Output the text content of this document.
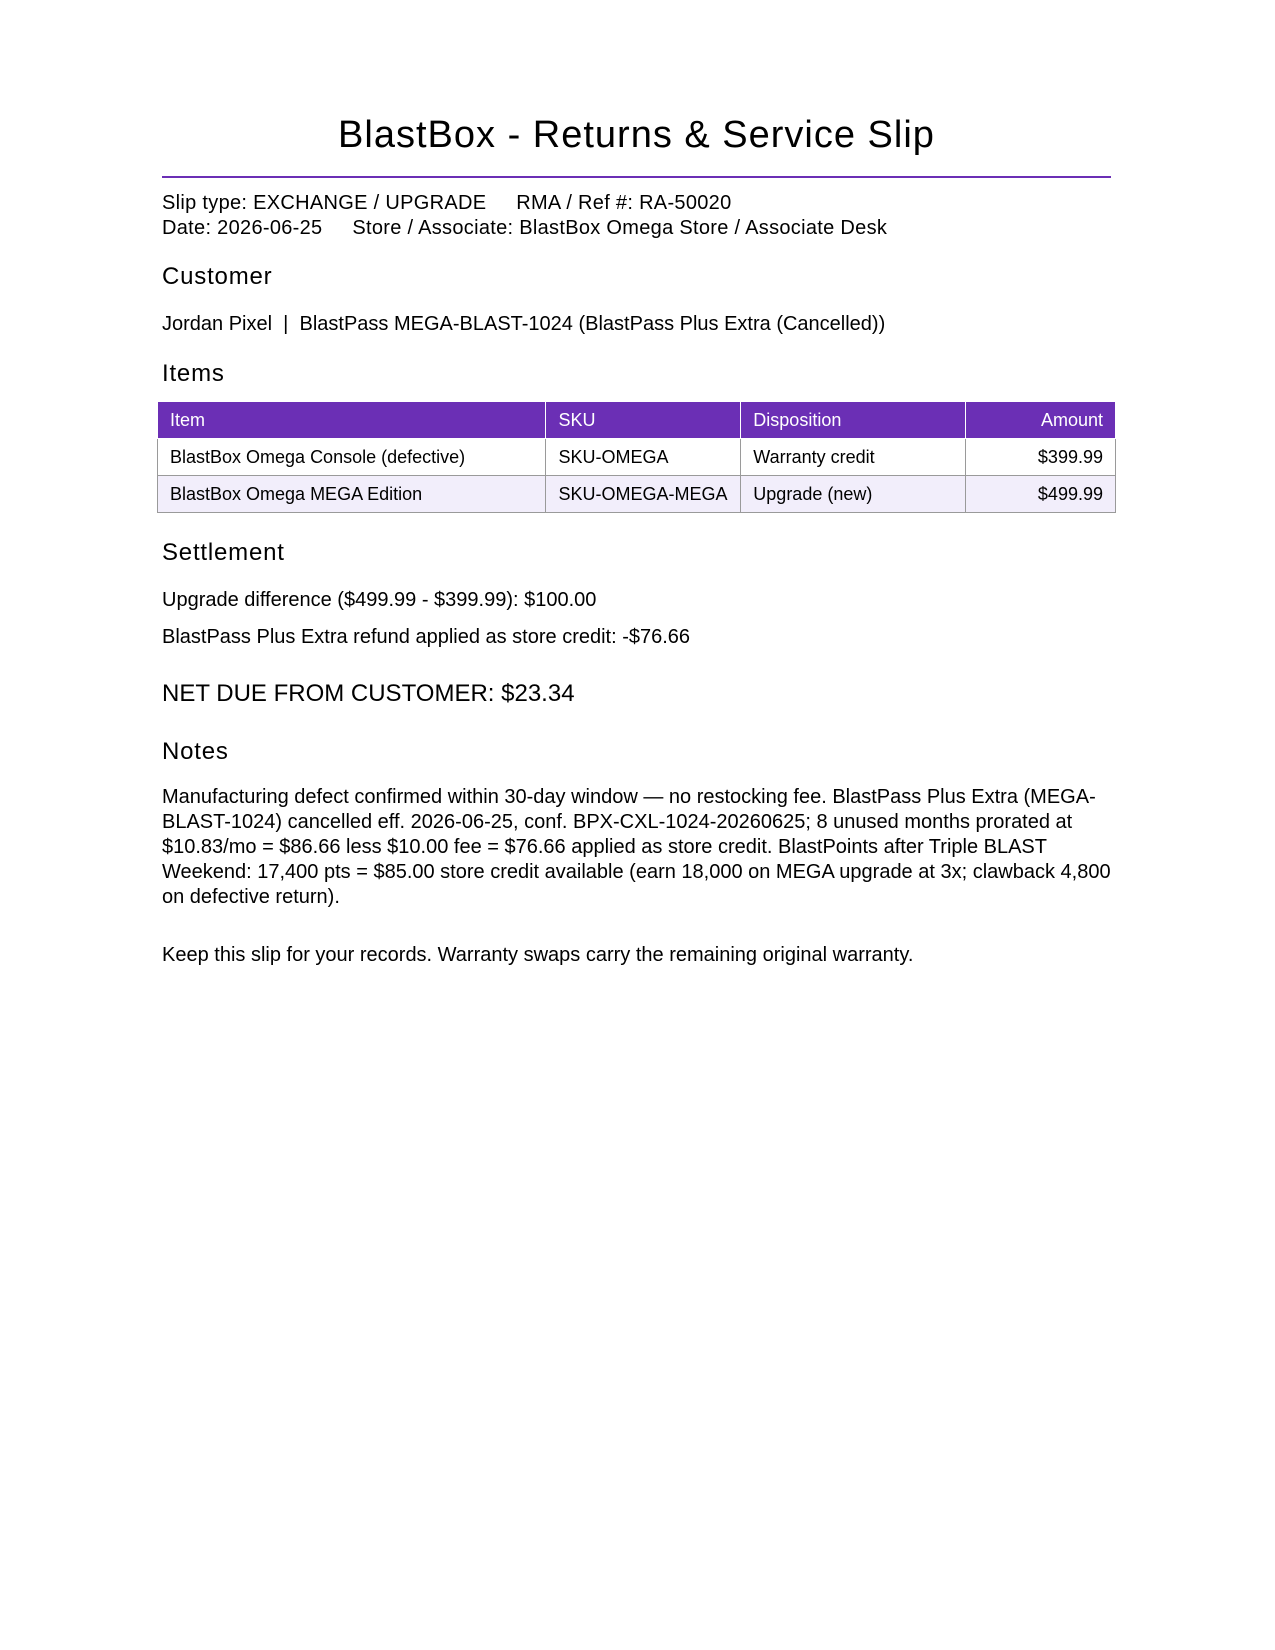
BlastBox - Returns & Service Slip
Slip type: EXCHANGE / UPGRADE RMA / Ref #: RA-50020
Date: 2026-06-25 Store / Associate: BlastBox Omega Store / Associate Desk
Customer
Jordan Pixel  |  BlastPass MEGA-BLAST-1024 (BlastPass Plus Extra (Cancelled))
Items
Item	SKU	Disposition	Amount
BlastBox Omega Console (defective)	SKU-OMEGA	Warranty credit	$399.99
BlastBox Omega MEGA Edition	SKU-OMEGA-MEGA	Upgrade (new)	$499.99
Settlement
Upgrade difference ($499.99 - $399.99): $100.00
BlastPass Plus Extra refund applied as store credit: -$76.66
NET DUE FROM CUSTOMER: $23.34
Notes
Manufacturing defect confirmed within 30-day window — no restocking fee. BlastPass Plus Extra (MEGA-BLAST-1024) cancelled eff. 2026-06-25, conf. BPX-CXL-1024-20260625; 8 unused months prorated at $10.83/mo = $86.66 less $10.00 fee = $76.66 applied as store credit. BlastPoints after Triple BLAST Weekend: 17,400 pts = $85.00 store credit available (earn 18,000 on MEGA upgrade at 3x; clawback 4,800 on defective return).
Keep this slip for your records. Warranty swaps carry the remaining original warranty.
